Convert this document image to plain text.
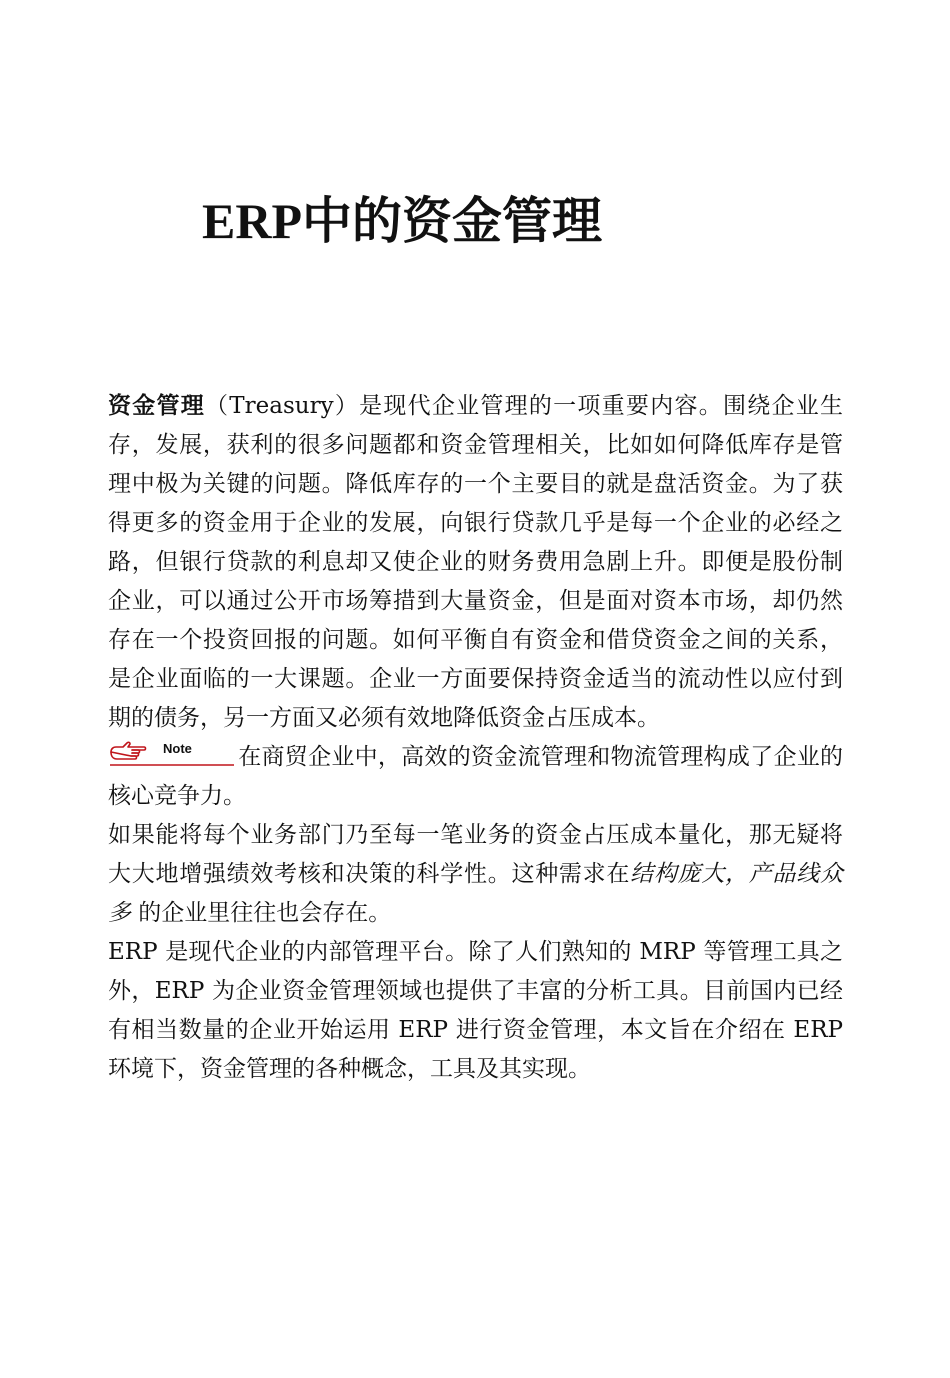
ERP中的资金管理

资金管理（Treasury）是现代企业管理的一项重要内容。围绕企业生存，发展，获利的很多问题都和资金管理相关，比如如何降低库存是管理中极为关键的问题。降低库存的一个主要目的就是盘活资金。为了获得更多的资金用于企业的发展，向银行贷款几乎是每一个企业的必经之路，但银行贷款的利息却又使企业的财务费用急剧上升。即便是股份制企业，可以通过公开市场筹措到大量资金，但是面对资本市场，却仍然存在一个投资回报的问题。如何平衡自有资金和借贷资金之间的关系，是企业面临的一大课题。企业一方面要保持资金适当的流动性以应付到期的债务，另一方面又必须有效地降低资金占压成本。

Note 在商贸企业中，高效的资金流管理和物流管理构成了企业的核心竞争力。

如果能将每个业务部门乃至每一笔业务的资金占压成本量化，那无疑将大大地增强绩效考核和决策的科学性。这种需求在结构庞大，产品线众多 的企业里往往也会存在。

ERP 是现代企业的内部管理平台。除了人们熟知的 MRP 等管理工具之外，ERP 为企业资金管理领域也提供了丰富的分析工具。目前国内已经有相当数量的企业开始运用 ERP 进行资金管理，本文旨在介绍在 ERP 环境下，资金管理的各种概念，工具及其实现。
